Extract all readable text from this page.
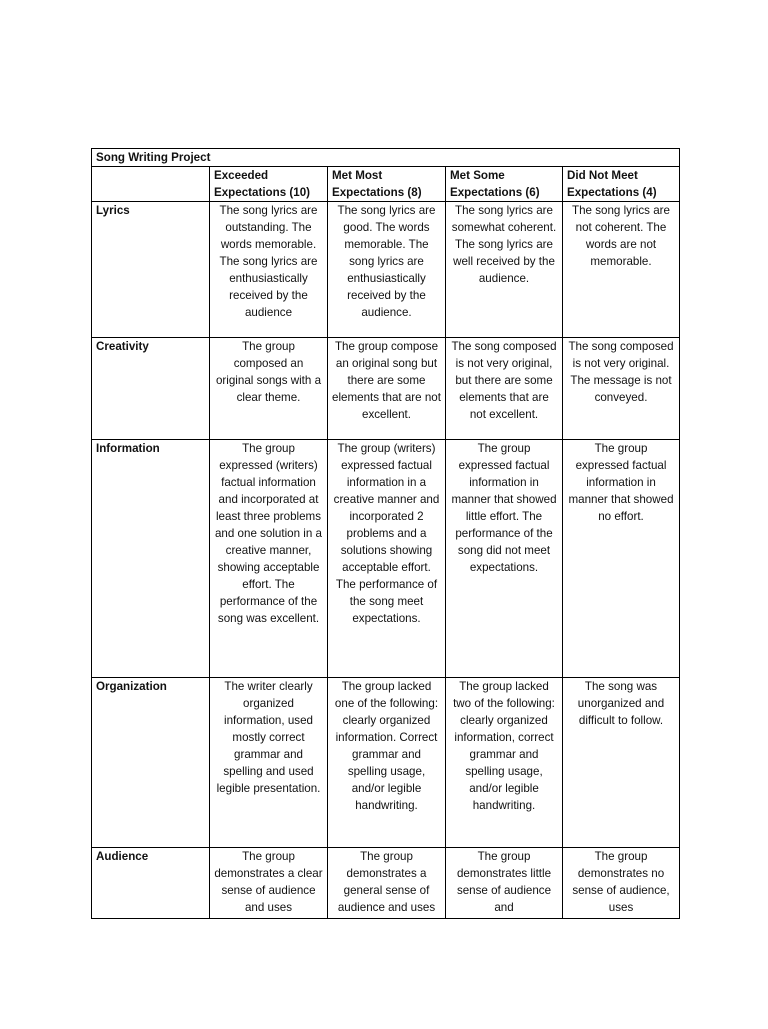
Song Writing Project				
	Exceeded Expectations (10)	Met Most Expectations (8)	Met Some Expectations (6)	Did Not Meet Expectations (4)
Lyrics	The song lyrics are outstanding. The words memorable. The song lyrics are enthusiastically received by the audience	The song lyrics are good. The words memorable. The song lyrics are enthusiastically received by the audience.	The song lyrics are somewhat coherent. The song lyrics are well received by the audience.	The song lyrics are not coherent. The words are not memorable.
Creativity	The group composed an original songs with a clear theme.	The group compose an original song but there are some elements that are not excellent.	The song composed is not very original, but there are some elements that are not excellent.	The song composed is not very original. The message is not conveyed.
Information	The group expressed (writers) factual information and incorporated at least three problems and one solution in a creative manner, showing acceptable effort. The performance of the song was excellent.	The group (writers) expressed factual information in a creative manner and incorporated 2 problems and a solutions showing acceptable effort. The performance of the song meet expectations.	The group expressed factual information in manner that showed little effort. The performance of the song did not meet expectations.	The group expressed factual information in manner that showed no effort.
Organization	The writer clearly organized information, used mostly correct grammar and spelling and used legible presentation.	The group lacked one of the following: clearly organized information. Correct grammar and spelling usage, and/or legible handwriting.	The group lacked two of the following: clearly organized information, correct grammar and spelling usage, and/or legible handwriting.	The song was unorganized and difficult to follow.
Audience	The group demonstrates a clear sense of audience and uses	The group demonstrates a general sense of audience and uses	The group demonstrates little sense of audience and	The group demonstrates no sense of audience, uses
